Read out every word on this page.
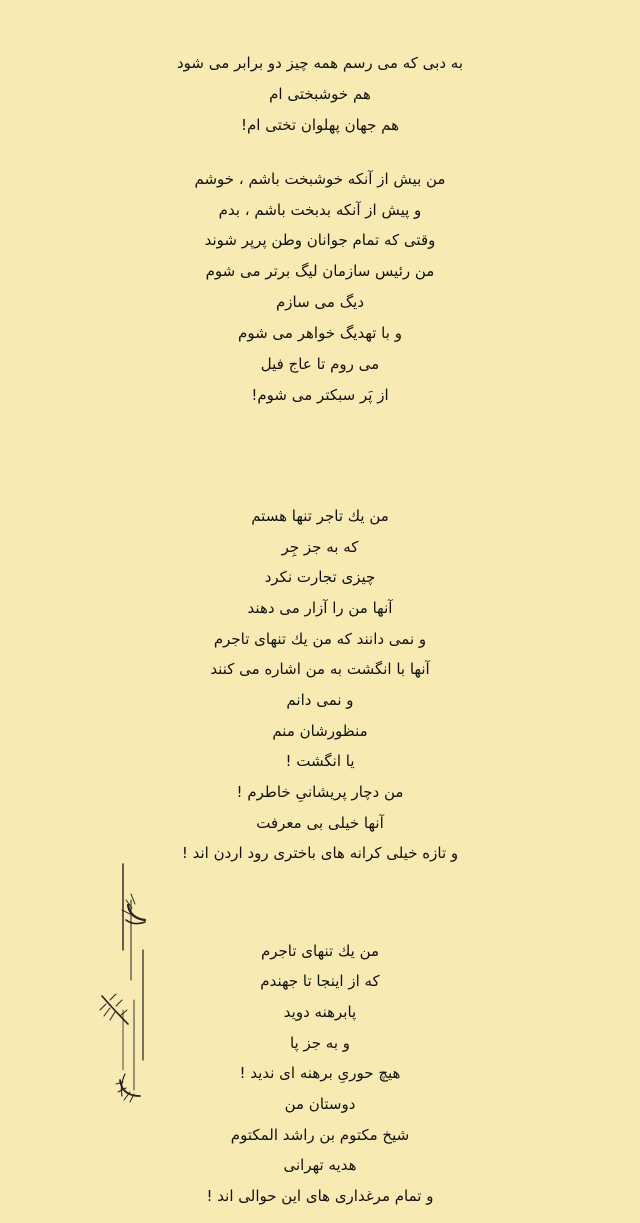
به دبی که می رسم همه چیز دو برابر می شود
هم خوشبختی ام
هم جهان پهلوان تختی ام!
من بیش از آنکه خوشبخت باشم ، خوشم
و پیش از آنکه بدبخت باشم ، بدم
وقتی که تمام جوانان وطن پرپر شوند
من رئیس سازمان لیگ برتر می شوم
دیگ می سازم
و با تهدیگ خواهر می شوم
می روم تا عاج فیل
از پَر سبکتر می شوم!
من یك تاجر تنها هستم
که به جز جِر
چیزی تجارت نکرد
آنها من را آزار می دهند
و نمی دانند که من یك تنهای تاجرم
آنها با انگشت به من اشاره می کنند
و نمی دانم
منظورشان منم
یا انگشت !
من دچار پریشانیِ خاطرم !
آنها خیلی بی معرفت
و تازه خیلی کرانه های باختری رود اردن اند !
من یك تنهای تاجرم
که از اینجا تا جهندم
پابرهنه دوید
و به جز پا
هیچ حوریِ برهنه ای ندید !
دوستان من
شیخ مکتوم بن راشد المکتوم
هدیه تهرانی
و تمام مرغداری های این حوالی اند !
